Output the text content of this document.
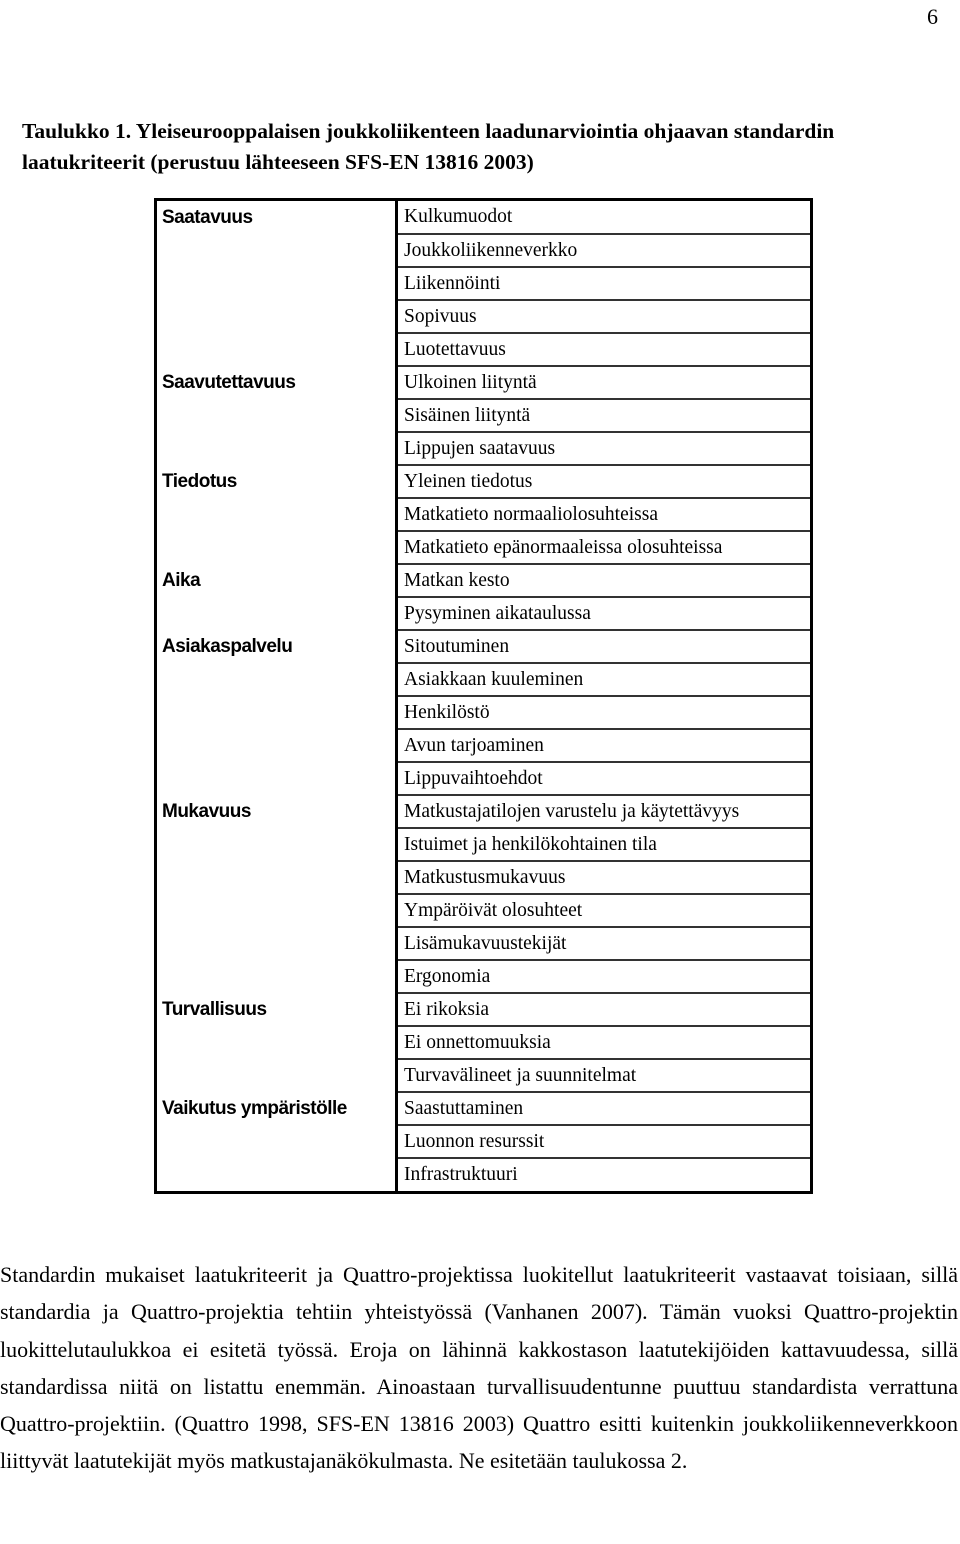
6
Taulukko 1. Yleiseurooppalaisen joukkoliikenteen laadunarviointia ohjaavan standardin laatukriteerit (perustuu lähteeseen SFS-EN 13816 2003)
Saatavuus	Kulkumuodot
	Joukkoliikenneverkko
	Liikennöinti
	Sopivuus
	Luotettavuus
Saavutettavuus	Ulkoinen liityntä
	Sisäinen liityntä
	Lippujen saatavuus
Tiedotus	Yleinen tiedotus
	Matkatieto normaaliolosuhteissa
	Matkatieto epänormaaleissa olosuhteissa
Aika	Matkan kesto
	Pysyminen aikataulussa
Asiakaspalvelu	Sitoutuminen
	Asiakkaan kuuleminen
	Henkilöstö
	Avun tarjoaminen
	Lippuvaihtoehdot
Mukavuus	Matkustajatilojen varustelu ja käytettävyys
	Istuimet ja henkilökohtainen tila
	Matkustusmukavuus
	Ympäröivät olosuhteet
	Lisämukavuustekijät
	Ergonomia
Turvallisuus	Ei rikoksia
	Ei onnettomuuksia
	Turvavälineet ja suunnitelmat
Vaikutus ympäristölle	Saastuttaminen
	Luonnon resurssit
	Infrastruktuuri
Standardin mukaiset laatukriteerit ja Quattro-projektissa luokitellut laatukriteerit vastaavat toisiaan, sillä standardia ja Quattro-projektia tehtiin yhteistyössä (Vanhanen 2007). Tämän vuoksi Quattro-projektin luokittelutaulukkoa ei esitetä työssä. Eroja on lähinnä kakkostason laatutekijöiden kattavuudessa, sillä standardissa niitä on listattu enemmän. Ainoastaan turvallisuudentunne puuttuu standardista verrattuna Quattro-projektiin. (Quattro 1998, SFS-EN 13816 2003) Quattro esitti kuitenkin joukkoliikenneverkkoon liittyvät laatutekijät myös matkustajanäkökulmasta. Ne esitetään taulukossa 2.
